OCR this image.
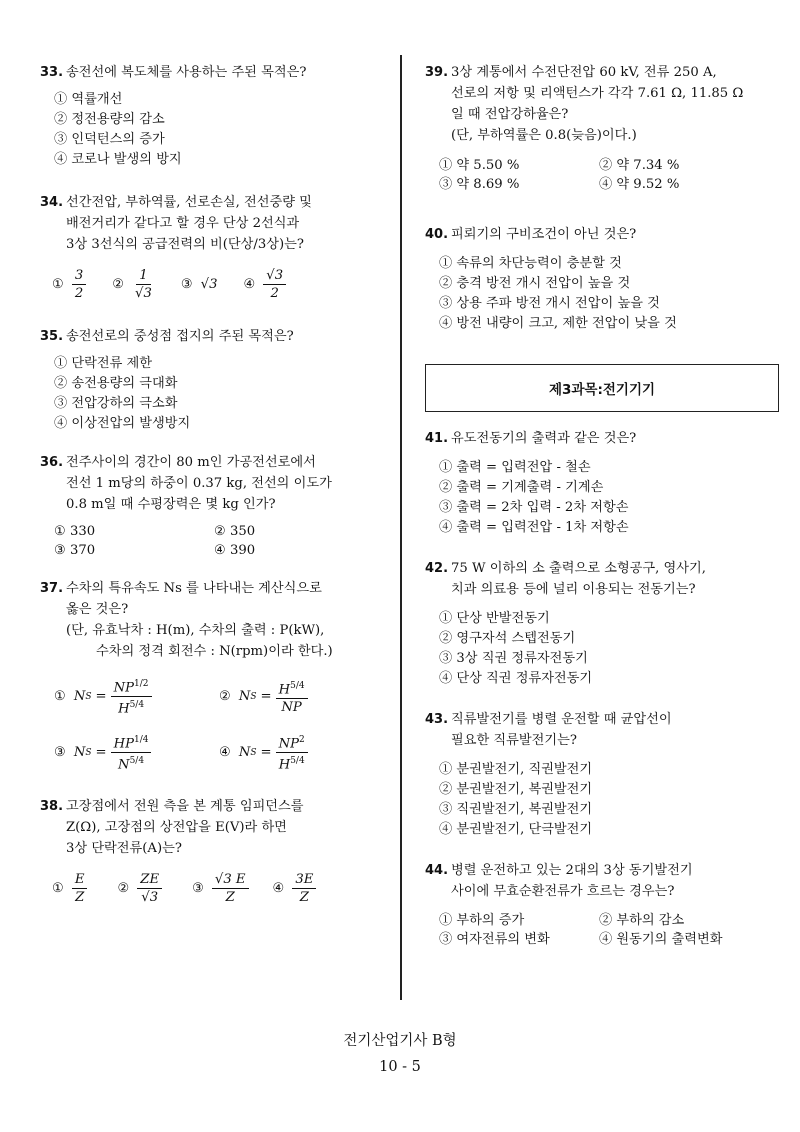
33. 송전선에 복도체를 사용하는 주된 목적은?
① 역률개선
② 정전용량의 감소
③ 인덕턴스의 증가
④ 코로나 발생의 방지
34. 선간전압, 부하역률, 선로손실, 전선중량 및
배전거리가 같다고 할 경우 단상 2선식과
3상 3선식의 공급전력의 비(단상/3상)는?
① $\frac{3}{2}$ ② $\frac{1}{√3}$ ③ √3 ④ $\frac{√3}{2}$
35. 송전선로의 중성점 접지의 주된 목적은?
① 단락전류 제한
② 송전용량의 극대화
③ 전압강하의 극소화
④ 이상전압의 발생방지
36. 전주사이의 경간이 80 m인 가공전선로에서
전선 1 m당의 하중이 0.37 kg, 전선의 이도가
0.8 m일 때 수평장력은 몇 kg 인가?
① 330	② 350
③ 370	④ 390
37. 수차의 특유속도 Ns 를 나타내는 계산식으로
옳은 것은?
(단, 유효낙차 : H(m), 수차의 출력 : P(kW),
수차의 정격 회전수 : N(rpm)이라 한다.)
① N $S = \frac{NP^{1/2}}{H^{5/4}}$	② N $S = \frac{H^{5/4}}{NP}$
③ N $S = \frac{HP^{1/4}}{N^{5/4}}$	④ N $S = \frac{NP^2}{H^{5/4}}$
38. 고장점에서 전원 측을 본 계통 임피던스를
Z(Ω), 고장점의 상전압을 E(V)라 하면
3상 단락전류(A)는?
① $\frac{E}{Z}$ ② $\frac{ZE}{√3}$ ③ $\frac{√3 E}{Z}$ ④ $\frac{3E}{Z}$
39. 3상 계통에서 수전단전압 60 kV, 전류 250 A,
선로의 저항 및 리액턴스가 각각 7.61 Ω, 11.85 Ω
일 때 전압강하율은?
(단, 부하역률은 0.8(늦음)이다.)
① 약 5.50 %	② 약 7.34 %
③ 약 8.69 %	④ 약 9.52 %
40. 피뢰기의 구비조건이 아닌 것은?
① 속류의 차단능력이 충분할 것
② 충격 방전 개시 전압이 높을 것
③ 상용 주파 방전 개시 전압이 높을 것
④ 방전 내량이 크고, 제한 전압이 낮을 것
제3과목:전기기기
41. 유도전동기의 출력과 같은 것은?
① 출력 = 입력전압 - 철손
② 출력 = 기계출력 - 기계손
③ 출력 = 2차 입력 - 2차 저항손
④ 출력 = 입력전압 - 1차 저항손
42. 75 W 이하의 소 출력으로 소형공구, 영사기,
치과 의료용 등에 널리 이용되는 전동기는?
① 단상 반발전동기
② 영구자석 스텝전동기
③ 3상 직권 정류자전동기
④ 단상 직권 정류자전동기
43. 직류발전기를 병렬 운전할 때 균압선이
필요한 직류발전기는?
① 분권발전기, 직권발전기
② 분권발전기, 복권발전기
③ 직권발전기, 복권발전기
④ 분권발전기, 단극발전기
44. 병렬 운전하고 있는 2대의 3상 동기발전기
사이에 무효순환전류가 흐르는 경우는?
① 부하의 증가	② 부하의 감소
③ 여자전류의 변화	④ 원동기의 출력변화
전기산업기사 B형
10 - 5
